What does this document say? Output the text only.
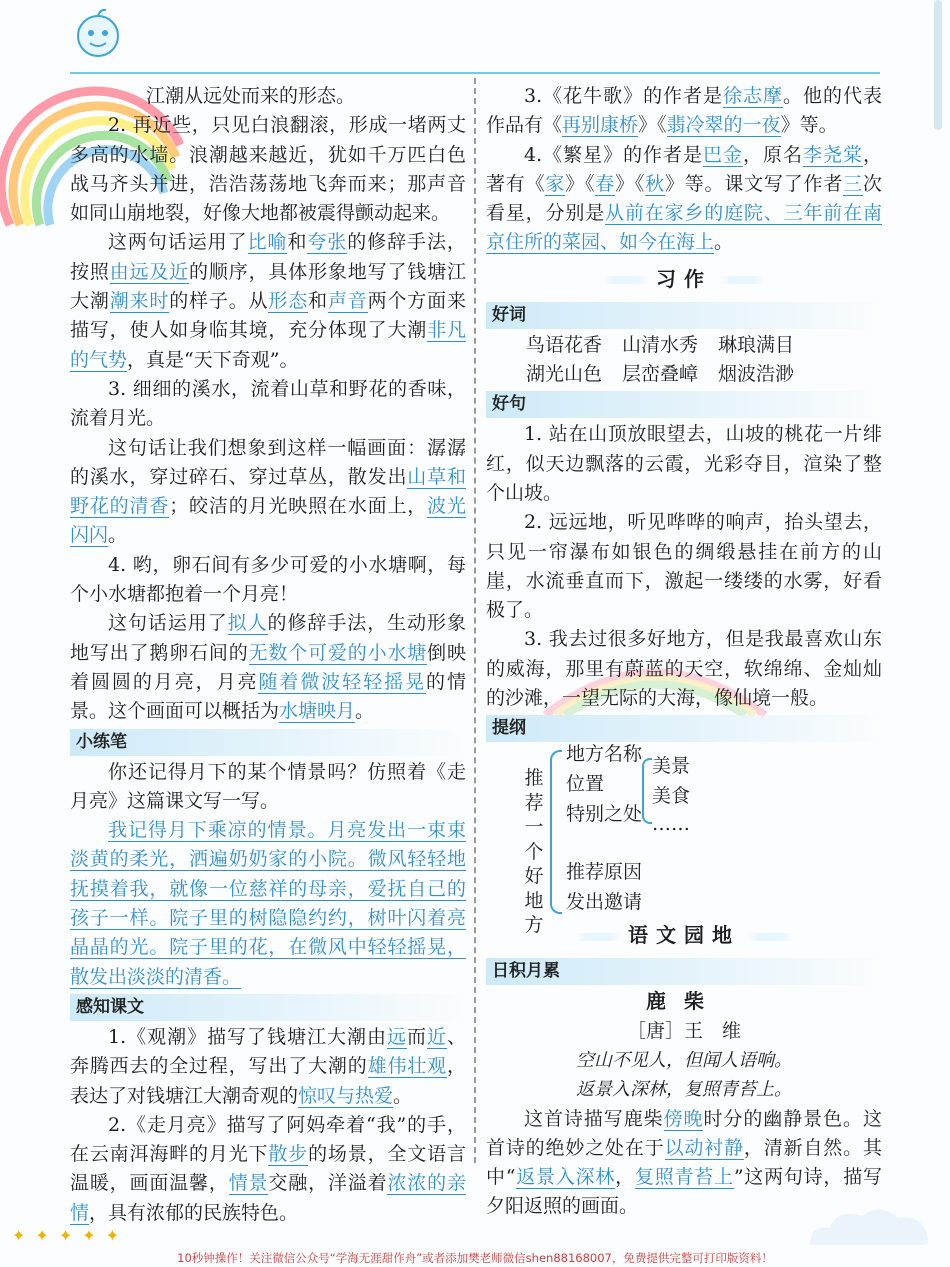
江潮从远处而来的形态。

2. 再近些，只见白浪翻滚，形成一堵两丈多高的水墙。浪潮越来越近，犹如千万匹白色战马齐头并进，浩浩荡荡地飞奔而来；那声音如同山崩地裂，好像大地都被震得颤动起来。

这两句话运用了比喻和夸张的修辞手法，按照由远及近的顺序，具体形象地写了钱塘江大潮潮来时的样子。从形态和声音两个方面来描写，使人如身临其境，充分体现了大潮非凡的气势，真是“天下奇观”。

3. 细细的溪水，流着山草和野花的香味，流着月光。

这句话让我们想象到这样一幅画面：潺潺的溪水，穿过碎石、穿过草丛，散发出山草和野花的清香；皎洁的月光映照在水面上，波光闪闪。

4. 哟，卵石间有多少可爱的小水塘啊，每个小水塘都抱着一个月亮！

这句话运用了拟人的修辞手法，生动形象地写出了鹅卵石间的无数个可爱的小水塘倒映着圆圆的月亮，月亮随着微波轻轻摇晃的情景。这个画面可以概括为水塘映月。

小练笔

你还记得月下的某个情景吗？仿照着《走月亮》这篇课文写一写。

我记得月下乘凉的情景。月亮发出一束束淡黄的柔光，洒遍奶奶家的小院。微风轻轻地抚摸着我，就像一位慈祥的母亲，爱抚自己的孩子一样。院子里的树隐隐约约，树叶闪着亮晶晶的光。院子里的花，在微风中轻轻摇晃，散发出淡淡的清香。

感知课文

1.《观潮》描写了钱塘江大潮由远而近、奔腾西去的全过程，写出了大潮的雄伟壮观，表达了对钱塘江大潮奇观的惊叹与热爱。

2.《走月亮》描写了阿妈牵着“我”的手，在云南洱海畔的月光下散步的场景，全文语言温暖，画面温馨，情景交融，洋溢着浓浓的亲情，具有浓郁的民族特色。

3.《花牛歌》的作者是徐志摩。他的代表作品有《再别康桥》《翡冷翠的一夜》等。

4.《繁星》的作者是巴金，原名李尧棠，著有《家》《春》《秋》等。课文写了作者三次看星，分别是从前在家乡的庭院、三年前在南京住所的菜园、如今在海上。

习作
好词
鸟语花香 山清水秀 琳琅满目
湖光山色 层峦叠嶂 烟波浩渺
好句

1. 站在山顶放眼望去，山坡的桃花一片绯红，似天边飘落的云霞，光彩夺目，渲染了整个山坡。

2. 远远地，听见哗哗的响声，抬头望去，只见一帘瀑布如银色的绸缎悬挂在前方的山崖，水流垂直而下，激起一缕缕的水雾，好看极了。

3. 我去过很多好地方，但是我最喜欢山东的威海，那里有蔚蓝的天空，软绵绵、金灿灿的沙滩，一望无际的大海，像仙境一般。

提纲
推
荐
一
个
好
地
方
地方名称
位置
特别之处
推荐原因
发出邀请
美景
美食
……
语文园地
日积月累
鹿柴
［唐］王　维
空山不见人，但闻人语响。
返景入深林，复照青苔上。

这首诗描写鹿柴傍晚时分的幽静景色。这首诗的绝妙之处在于以动衬静，清新自然。其中“返景入深林，复照青苔上”这两句诗，描写夕阳返照的画面。

✦✦✦✦✦
10秒钟操作！关注微信公众号“学海无涯甜作舟”或者添加樊老师微信shen88168007，免费提供完整可打印版资料！
